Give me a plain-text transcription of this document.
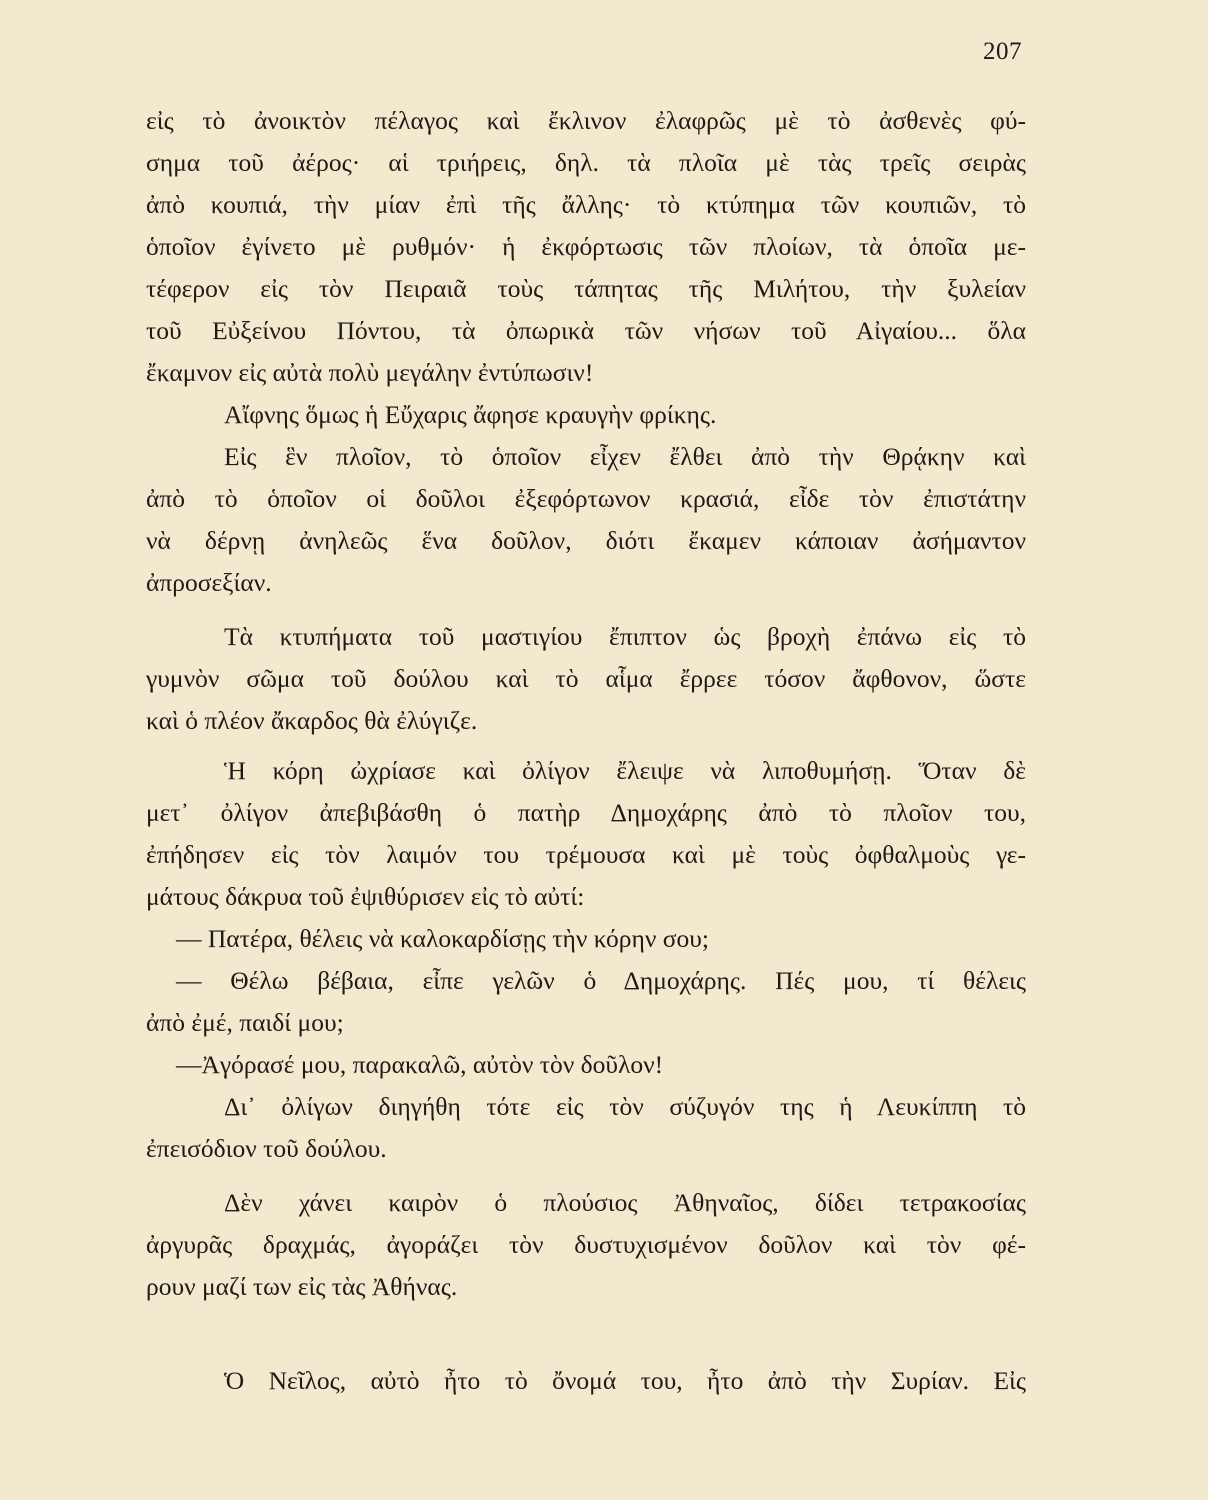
207
εἰς τὸ ἀνοικτὸν πέλαγος καὶ ἔκλινον ἐλαφρῶς μὲ τὸ ἀσθενὲς φύ-
σημα τοῦ ἀέρος· αἱ τριήρεις, δηλ. τὰ πλοῖα μὲ τὰς τρεῖς σειρὰς
ἀπὸ κουπιά, τὴν μίαν ἐπὶ τῆς ἄλλης· τὸ κτύπημα τῶν κουπιῶν, τὸ
ὁποῖον ἐγίνετο μὲ ρυθμόν· ἡ ἐκφόρτωσις τῶν πλοίων, τὰ ὁποῖα με-
τέφερον εἰς τὸν Πειραιᾶ τοὺς τάπητας τῆς Μιλήτου, τὴν ξυλείαν
τοῦ Εὐξείνου Πόντου, τὰ ὀπωρικὰ τῶν νήσων τοῦ Αἰγαίου... ὅλα
ἔκαμνον εἰς αὐτὰ πολὺ μεγάλην ἐντύπωσιν!
Αἴφνης ὅμως ἡ Εὔχαρις ἄφησε κραυγὴν φρίκης.
Εἰς ἓν πλοῖον, τὸ ὁποῖον εἶχεν ἔλθει ἀπὸ τὴν Θρᾴκην καὶ
ἀπὸ τὸ ὁποῖον οἱ δοῦλοι ἐξεφόρτωνον κρασιά, εἶδε τὸν ἐπιστάτην
νὰ δέρνῃ ἀνηλεῶς ἕνα δοῦλον, διότι ἔκαμεν κάποιαν ἀσήμαντον
ἀπροσεξίαν.
Τὰ κτυπήματα τοῦ μαστιγίου ἔπιπτον ὡς βροχὴ ἐπάνω εἰς τὸ
γυμνὸν σῶμα τοῦ δούλου καὶ τὸ αἷμα ἔρρεε τόσον ἄφθονον, ὥστε
καὶ ὁ πλέον ἄκαρδος θὰ ἐλύγιζε.
Ἡ κόρη ὠχρίασε καὶ ὀλίγον ἔλειψε νὰ λιποθυμήσῃ. Ὅταν δὲ
μετ᾽ ὀλίγον ἀπεβιβάσθη ὁ πατὴρ Δημοχάρης ἀπὸ τὸ πλοῖον του,
ἐπήδησεν εἰς τὸν λαιμόν του τρέμουσα καὶ μὲ τοὺς ὀφθαλμοὺς γε-
μάτους δάκρυα τοῦ ἐψιθύρισεν εἰς τὸ αὐτί:
— Πατέρα, θέλεις νὰ καλοκαρδίσῃς τὴν κόρην σου;
— Θέλω βέβαια, εἶπε γελῶν ὁ Δημοχάρης. Πές μου, τί θέλεις
ἀπὸ ἐμέ, παιδί μου;
—Ἀγόρασέ μου, παρακαλῶ, αὐτὸν τὸν δοῦλον!
Δι᾽ ὀλίγων διηγήθη τότε εἰς τὸν σύζυγόν της ἡ Λευκίππη τὸ
ἐπεισόδιον τοῦ δούλου.
Δὲν χάνει καιρὸν ὁ πλούσιος Ἀθηναῖος, δίδει τετρακοσίας
ἀργυρᾶς δραχμάς, ἀγοράζει τὸν δυστυχισμένον δοῦλον καὶ τὸν φέ-
ρουν μαζί των εἰς τὰς Ἀθήνας.
Ὁ Νεῖλος, αὐτὸ ἦτο τὸ ὄνομά του, ἦτο ἀπὸ τὴν Συρίαν. Εἰς
